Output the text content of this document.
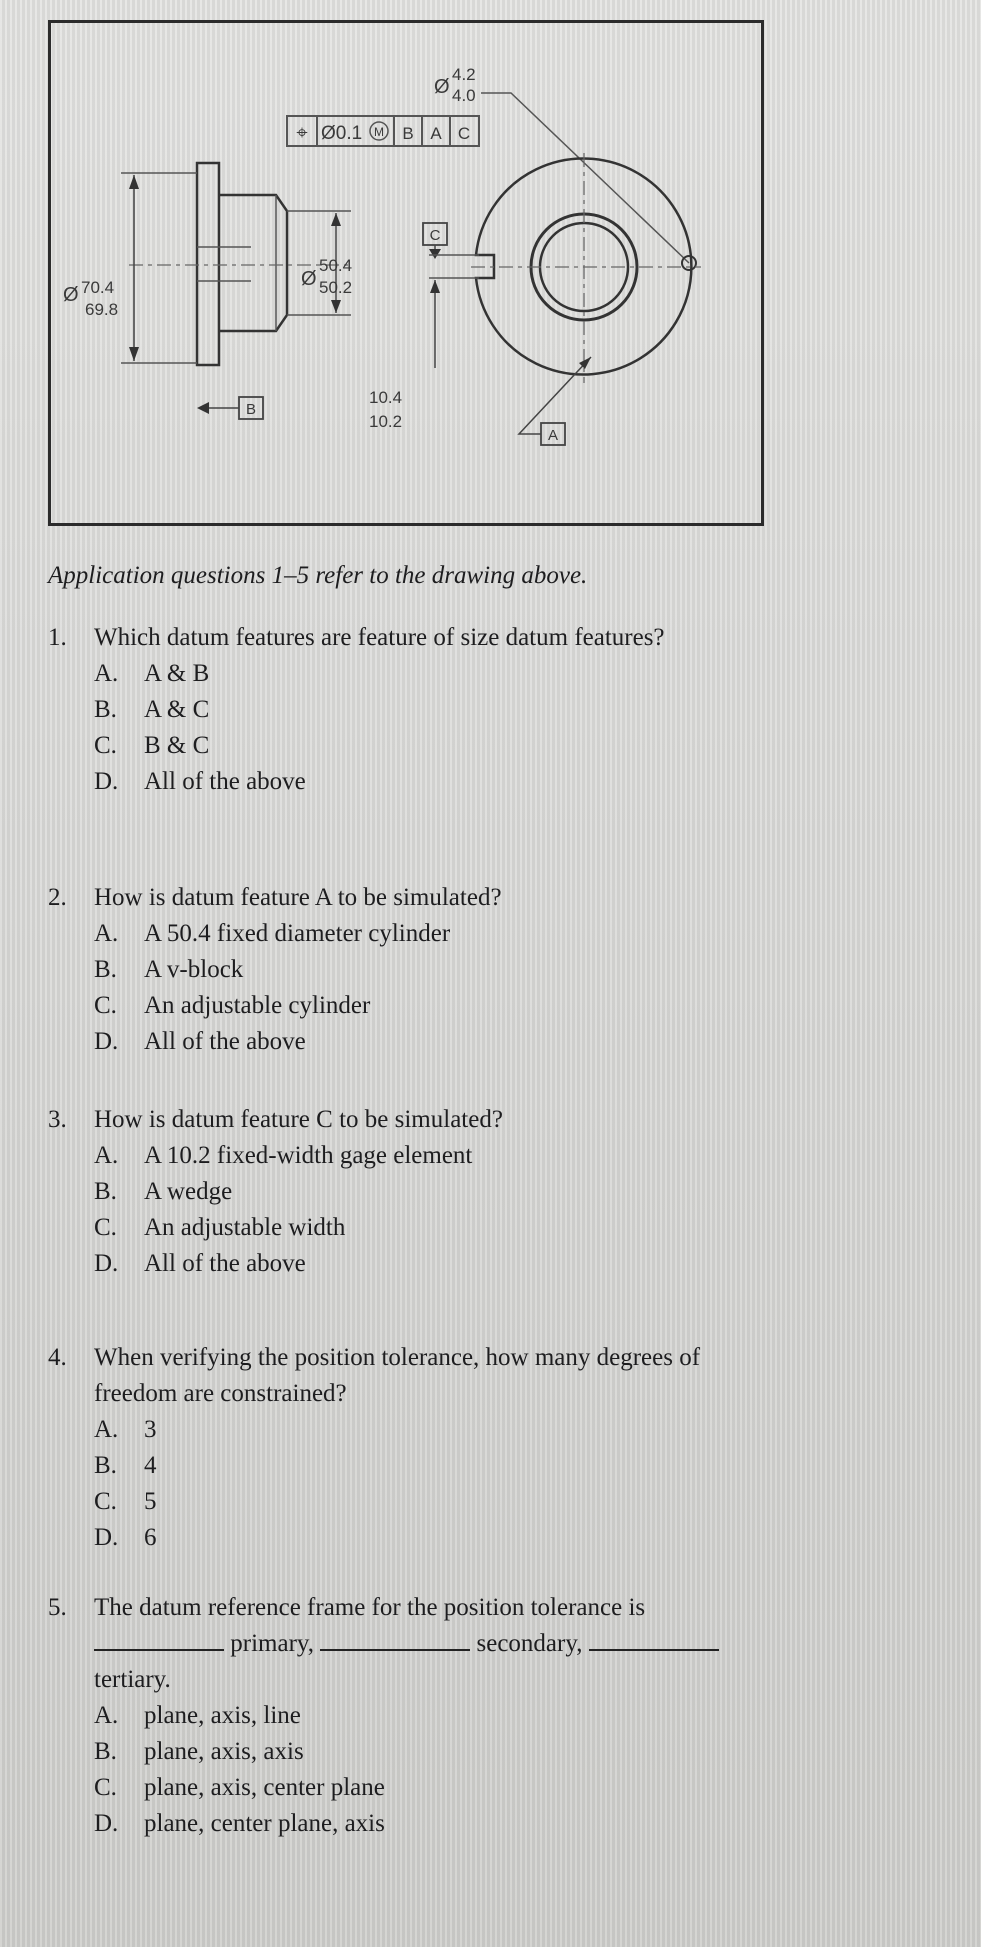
⌖ Ø0.1 M B A C
Ø
4.2
4.0
Ø 70.4
69.8
Ø
50.4
50.2
B
C
10.4
10.2
A
Application questions 1–5 refer to the drawing above.
1.	Which datum features are feature of size datum features?
A.	A & B
B.	A & C
C.	B & C
D.	All of the above
2.	How is datum feature A to be simulated?
A.	A 50.4 fixed diameter cylinder
B.	A v-block
C.	An adjustable cylinder
D.	All of the above
3.	How is datum feature C to be simulated?
A.	A 10.2 fixed-width gage element
B.	A wedge
C.	An adjustable width
D.	All of the above
4.	When verifying the position tolerance, how many degrees of freedom are constrained?
A.	3
B.	4
C.	5
D.	6
5.	The datum reference frame for the position tolerance is  primary,	secondary,  tertiary.
A.	plane, axis, line
B.	plane, axis, axis
C.	plane, axis, center plane
D.	plane, center plane, axis
